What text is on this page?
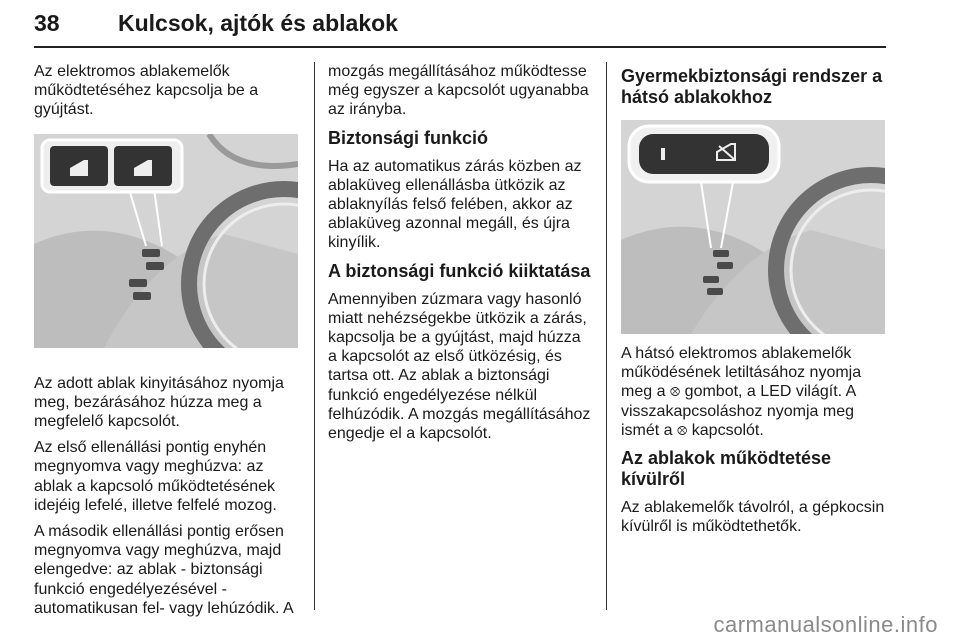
38	Kulcsok, ajtók és ablakok

Az elektromos ablakemelők működtetéséhez kapcsolja be a gyújtást.

Az adott ablak kinyitásához nyomja meg, bezárásához húzza meg a megfelelő kapcsolót.

Az első ellenállási pontig enyhén megnyomva vagy meghúzva: az ablak a kapcsoló működtetésének idejéig lefelé, illetve felfelé mozog.

A második ellenállási pontig erősen megnyomva vagy meghúzva, majd elengedve: az ablak - biztonsági funkció engedélyezésével - automatikusan fel- vagy lehúzódik. A

mozgás megállításához működtesse még egyszer a kapcsolót ugyanabba az irányba.

Biztonsági funkció

Ha az automatikus zárás közben az ablaküveg ellenállásba ütközik az ablaknyílás felső felében, akkor az ablaküveg azonnal megáll, és újra kinyílik.

A biztonsági funkció kiiktatása

Amennyiben zúzmara vagy hasonló miatt nehézségekbe ütközik a zárás, kapcsolja be a gyújtást, majd húzza a kapcsolót az első ütközésig, és tartsa ott. Az ablak a biztonsági funkció engedélyezése nélkül felhúzódik. A mozgás megállításához engedje el a kapcsolót.

Gyermekbiztonsági rendszer a hátsó ablakokhoz

A hátsó elektromos ablakemelők működésének letiltásához nyomja meg a ⮾ gombot, a LED világít. A visszakapcsoláshoz nyomja meg ismét a ⮾ kapcsolót.

Az ablakok működtetése kívülről

Az ablakemelők távolról, a gépkocsin kívülről is működtethetők.

carmanualsonline.info
